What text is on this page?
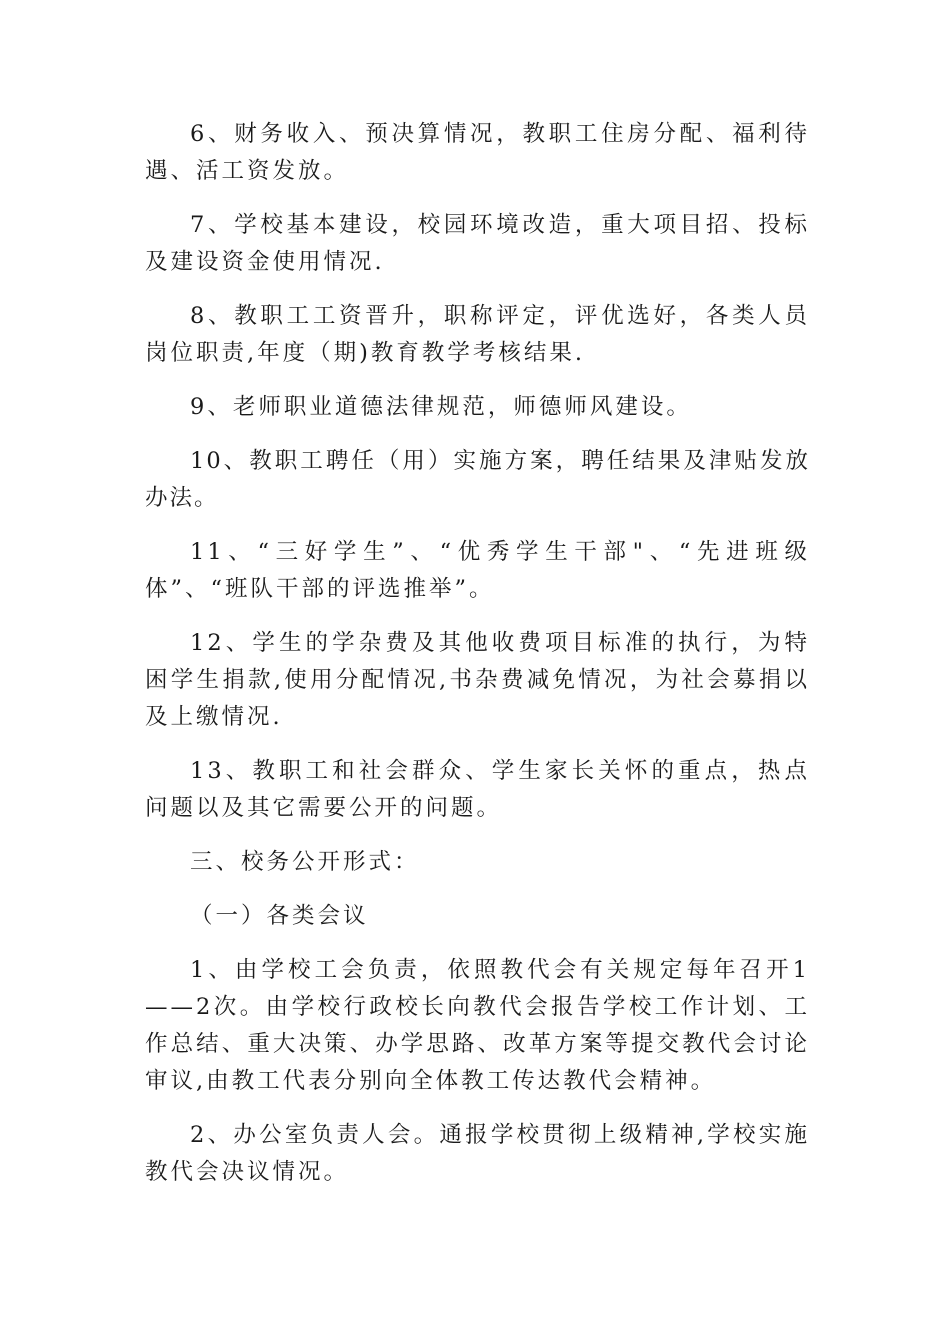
6、财务收入、预决算情况，教职工住房分配、福利待遇、活工资发放。

7、学校基本建设，校园环境改造，重大项目招、投标及建设资金使用情况.

8、教职工工资晋升，职称评定，评优选好，各类人员岗位职责,年度（期)教育教学考核结果.

9、老师职业道德法律规范，师德师风建设。

10、教职工聘任（用）实施方案，聘任结果及津贴发放办法。

11、“三好学生”、“优秀学生干部"、“先进班级体”、“班队干部的评选推举”。

12、学生的学杂费及其他收费项目标准的执行，为特困学生捐款,使用分配情况,书杂费减免情况，为社会募捐以及上缴情况.

13、教职工和社会群众、学生家长关怀的重点，热点问题以及其它需要公开的问题。

三、校务公开形式：

（一）各类会议

1、由学校工会负责，依照教代会有关规定每年召开1——2次。由学校行政校长向教代会报告学校工作计划、工作总结、重大决策、办学思路、改革方案等提交教代会讨论审议,由教工代表分别向全体教工传达教代会精神。

2、办公室负责人会。通报学校贯彻上级精神,学校实施教代会决议情况。
